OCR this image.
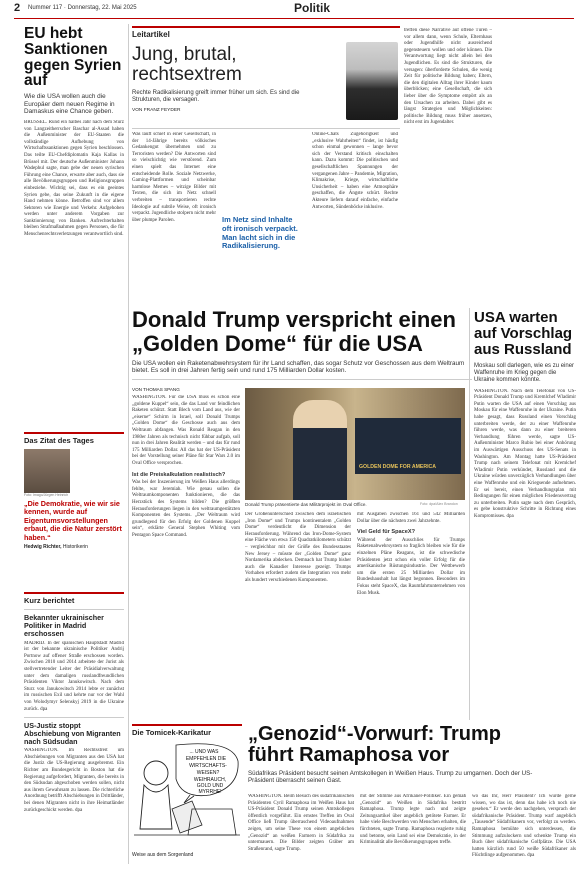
2 Nummer 117 · Donnerstag, 22. Mai 2025	Politik
EU hebt Sanktionen gegen Syrien auf
Wie die USA wollen auch die Europäer dem neuen Regime in Damaskus eine Chance geben.
BRÜSSEL. Rund ein halbes Jahr nach dem Sturz von Langzeitherrscher Baschar al-Assad haben die Außenminister der EU-Staaten die vollständige Aufhebung von Wirtschaftssanktionen gegen Syrien beschlossen. Das teilte EU-Chefdiplomatin Kaja Kallas in Brüssel mit. Der deutsche Außenminister Johann Wadephul sagte, man gebe der neuen syrischen Führung eine Chance, erwarte aber auch, dass sie alle Bevölkerungsgruppen und Religionsgruppen einbeziehe. Wichtig sei, dass es ein geeintes Syrien gebe, das seine Zukunft in die eigene Hand nehmen könne. Betroffen sind vor allem Sektoren wie Energie und Verkehr. Aufgehoben werden unter anderem Vorgaben zur Sanktionierung von Banken. Aufrechterhalten bleiben Strafmaßnahmen gegen Personen, die für Menschenrechtsverletzungen verantwortlich sind.
Das Zitat des Tages
Foto: Imago/Jürgen Heinrich
„Die Demokratie, wie wir sie kennen, wurde auf Eigentumsvorstellungen erbaut, die die Natur zerstört haben.“
Hedwig Richter, Historikerin
Kurz berichtet
Bekannter ukrainischer Politiker in Madrid erschossen
MADRID. In der spanischen Hauptstadt Madrid ist der bekannte ukrainische Politiker Andrij Portnow auf offener Straße erschossen worden. Zwischen 2010 und 2014 arbeitete der Jurist als stellvertretender Leiter der Präsidialverwaltung unter dem damaligen russlandfreundlichen Präsidenten Viktor Janukowitsch. Nach dem Sturz von Janukowitsch 2014 lebte er zunächst im russischen Exil und kehrte nur vor der Wahl von Wolodymyr Selenskyj 2019 in die Ukraine zurück. dpa
US-Justiz stoppt Abschiebung von Migranten nach Südsudan
WASHINGTON. Im Rechtsstreit um Abschiebungen von Migranten aus den USA hat die Justiz die US-Regierung ausgebremst. Ein Richter am Bundesgericht in Boston hat die Regierung aufgefordert, Migranten, die bereits in den Südsudan abgeschoben werden sollen, nicht aus ihrem Gewahrsam zu lassen. Die richterliche Anordnung betrifft Abschiebungen in Drittländer, bei denen Migranten nicht in ihre Heimatländer zurückgeschickt werden. dpa
Leitartikel
Jung, brutal, rechtsextrem
Rechte Radikalisierung greift immer früher um sich. Es sind die Strukturen, die versagen.
VON FRANZ FEYDER
Was läuft schief in einer Gesellschaft, in der 14-Jährige bereits völkisches Gedankengut übernehmen und zu Terroristen werden? Die Antworten sind so vielschichtig wie verstörend. Zum einen spielt das Internet eine entscheidende Rolle. Soziale Netzwerke, Gaming-Plattformen und scheinbar harmlose Memes – witzige Bilder mit Texten, die sich im Netz schnell verbreiten – transportieren rechte Ideologie auf subtile Weise, oft ironisch verpackt. Jugendliche stolpern nicht mehr über plumpe Parolen.	Im Netz sind Inhalte oft ironisch verpackt. Man lacht sich in die Radikalisierung.
Online-Chats Zugehörigkeit und „exklusive Wahrheiten“ findet, ist häufig schon einmal gewonnen – lange bevor sich der Verstand kritisch einschalten kann. Dazu kommt: Die politischen und gesellschaftlichen Spannungen der vergangenen Jahre – Pandemie, Migration, Klimakrise, Kriege, wirtschaftliche Unsicherheit – haben eine Atmosphäre geschaffen, die Ängste schürt. Rechte Akteure liefern darauf einfache, einfache Antworten, Sündenböcke inklusive.
treffen diese Narrative auf offene Türen – vor allem dann, wenn Schule, Elternhaus oder Jugendhilfe nicht ausreichend gegensteuern wollen und oder können. Die Verantwortung liegt nicht allein bei den Jugendlichen. Es sind die Strukturen, die versagen: überforderte Schulen, die wenig Zeit für politische Bildung haben; Eltern, die den digitalen Alltag ihrer Kinder kaum überblicken; eine Gesellschaft, die sich lieber über die Symptome empört als an den Ursachen zu arbeiten. Dabei gibt es längst Strategien und Möglichkeiten: politische Bildung muss früher ansetzen, nicht erst im Jugendalter.
Donald Trump verspricht einen „Golden Dome“ für die USA
Die USA wollen ein Raketenabwehrsystem für ihr Land schaffen, das sogar Schutz vor Geschossen aus dem Weltraum bietet. Es soll in drei Jahren fertig sein und rund 175 Milliarden Dollar kosten.
VON THOMAS SPANG

WASHINGTON. Für die USA muss es schon eine „goldene Kuppel“ sein, die das Land vor feindlichen Raketen schützt. Statt Blech vom Land aus, wie der „eiserne“ Schirm in Israel, soll Donald Trumps „Golden Dome“ die Geschosse auch aus dem Weltraum abfangen. Was Ronald Reagan in den 1980er Jahren als technisch nicht fühbar aufgab, soll nun in drei Jahren Realität werden – und das für rund 175 Milliarden Dollar. All das hat der US-Präsident bei der Vorstellung seiner Pläne für Star Wars 2.0 im Oval Office versprochen.

Ist die Preiskalkulation realistisch?

Was bei der Inszenierung im Weißen Haus allerdings fehlte, war Jeremiah. Wie genau sollen die Weltraumkomponenten funktionieren, die das Herzstück des Systems bilden? Die größten Herausforderungen liegen in den weltraumgestützten Komponenten des Systems. „Der Weltraum wird grundlegend für den Erfolg der Goldenen Kuppel sein“, erklärte General Stephen Whiting vom Pentagon Space Command.

GOLDEN DOME FOR AMERICA
Donald Trump präsentierte das Militärprojekt im Oval Office.	Foto: dpa/Alex Brandon
Der Größenunterschied zwischen dem israelischen „Iron Dome“ und Trumps kontinentalem „Golden Dome“ verdeutlicht die Dimension der Herausforderung. Während das Iron-Dome-System eine Fläche von etwa 150 Quadratkilometern schützt – vergleichbar mit der Größe des Bundesstaates New Jersey – müsste der „Golden Dome“ ganz Nordamerika abdecken. Demnach hat Trump bisher auch die Kanadier Interesse gezeigt. Trumps Vorhaben erfordert zudem die Integration von mehr als hundert verschiedenen Komponenten.

mit Ausgaben zwischen 161 und 542 Milliarden Dollar über die nächsten zwei Jahrzehnte.

Viel Geld für SpaceX?

Während der Ausschlies für Trumps Raketenabwehrsystem so fraglich bleiben wie für die einzelnen Pläne Reagans, ist die schwedische Präsidenten jetzt schon ein voller Erfolg für die amerikanische Rüstungsindustrie. Der Wettbewerb um die ersten 25 Milliarden Dollar im Bundeshaushalt hat längst begonnen. Besonders im Fokus steht SpaceX, das Raumfahrtunternehmen von Elon Musk.

USA warten auf Vorschlag aus Russland
Moskau soll darlegen, wie es zu einer Waffenruhe im Krieg gegen die Ukraine kommen könnte.
WASHINGTON. Nach dem Telefonat von US-Präsident Donald Trump und Kremlchef Wladimir Putin warten die USA auf einen Vorschlag aus Moskau für eine Waffenruhe in der Ukraine. Putin habe gesagt, dass Russland einen Vorschlag unterbreiten werde, der zu einer Waffenruhe führen werde, was dann zu einer breiteren Verhandlung führen werde, sagte US-Außenminister Marco Rubio bei einer Anhörung im Auswärtigen Ausschuss des US-Senats in Washington. Am Montag hatte US-Präsident Trump nach seinem Telefonat mit Kremlchef Wladimir Putin verkündet, Russland und die Ukraine würden unverzüglich Verhandlungen über eine Waffenruhe und ein Kriegsende aufnehmen. Er sei bereit, einen Verhandlungsplan mit Bedingungen für einen möglichen Friedensvertrag zu unterbreiten. Putin sagte nach dem Gespräch, es gebe konstruktive Schritte in Richtung eines Kompromisses. dpa
Die Tomicek-Karikatur
... UND WAS
EMPFEHLEN DIE
WIRTSCHAFTS-
WEISEN?
WEIHRAUCH,
GOLD UND
MYRRHE!
Weise aus dem Sorgenland
„Genozid“-Vorwurf: Trump führt Ramaphosa vor
Südafrikas Präsident besucht seinen Amtskollegen in Weißen Haus. Trump zu umgarnen. Doch der US-Präsident überrascht seinen Gast.
WASHINGTON. Beim Besuch des südafrikanischen Präsidenten Cyril Ramaphosa im Weißen Haus hat US-Präsident Donald Trump seinen Amtskollegen öffentlich vorgeführt. Ein ernstes Treffen im Oval Office ließ Trump überraschend Videoaufnahmen zeigen, um seine These von einem angeblichen „Genozid“ an weißen Farmern in Südafrika zu untermauern. Die Bilder zeigten Gräber am Straßenrand, sagte Trump.
mit der Stimme aus Afrikaner-Politiker. Ein gemäß „Genozid“ an Weißen in Südafrika bestritt Ramaphosa. Trump legte nach und zeigte Zeitungsartikel über angeblich getötete Farmer. Er habe viele Beschwerden von Menschen erhalten, die fürchteten, sagte Trump. Ramaphosa reagierte ruhig und betonte, sein Land sei eine Demokratie, in der Kriminalität alle Bevölkerungsgruppen treffe.
wo das Ihr, Herr Präsident? Ich würde gerne wissen, wo das ist, denn das habe ich noch nie gesehen.“ Er werde den nachgehen, versprach der südafrikanische Präsident. Trump warf angeblich „Tausende“ Südafrikanern vor, verfolgt zu werden. Ramaphosa bemühte sich unterdessen, die Stimmung aufzulockern und schenkte Trump ein Buch über südafrikanische Golfplätze. Die USA hatten kürzlich rund 50 weiße Südafrikaner als Flüchtlinge aufgenommen. dpa
